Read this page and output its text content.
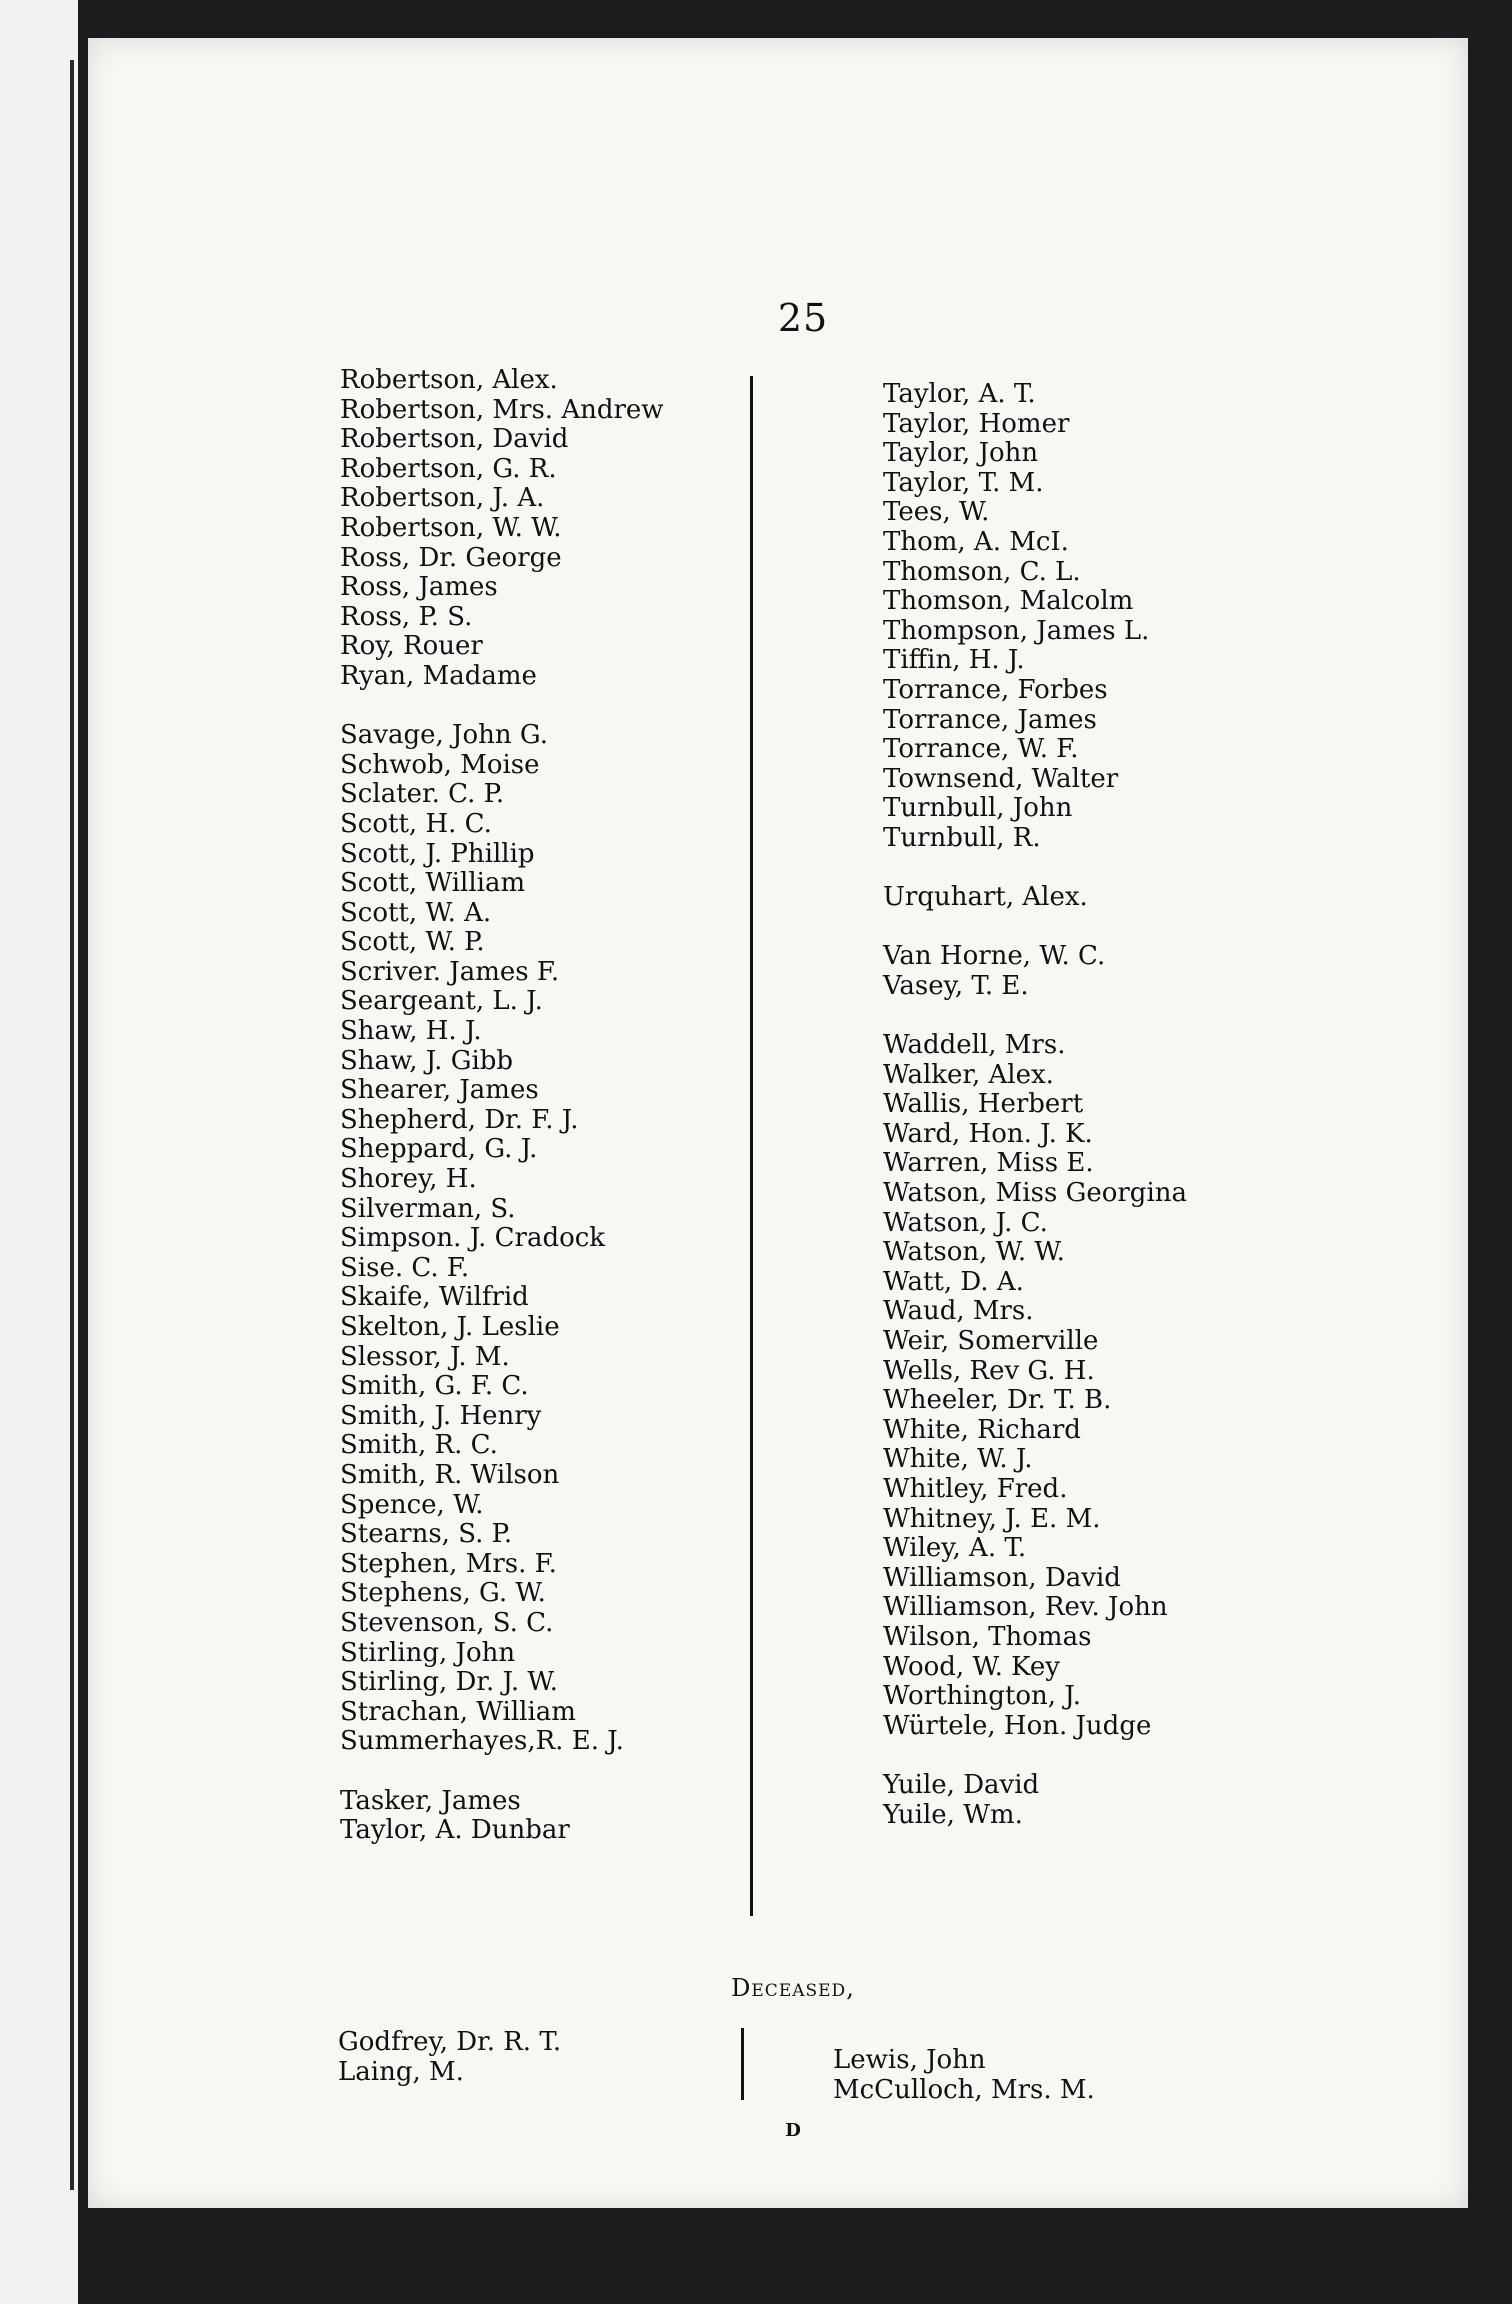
25
Robertson, Alex.
Robertson, Mrs. Andrew
Robertson, David
Robertson, G. R.
Robertson, J. A.
Robertson, W. W.
Ross, Dr. George
Ross, James
Ross, P. S.
Roy, Rouer
Ryan, Madame
Savage, John G.
Schwob, Moise
Sclater. C. P.
Scott, H. C.
Scott, J. Phillip
Scott, William
Scott, W. A.
Scott, W. P.
Scriver. James F.
Seargeant, L. J.
Shaw, H. J.
Shaw, J. Gibb
Shearer, James
Shepherd, Dr. F. J.
Sheppard, G. J.
Shorey, H.
Silverman, S.
Simpson. J. Cradock
Sise. C. F.
Skaife, Wilfrid
Skelton, J. Leslie
Slessor, J. M.
Smith, G. F. C.
Smith, J. Henry
Smith, R. C.
Smith, R. Wilson
Spence, W.
Stearns, S. P.
Stephen, Mrs. F.
Stephens, G. W.
Stevenson, S. C.
Stirling, John
Stirling, Dr. J. W.
Strachan, William
Summerhayes,R. E. J.
Tasker, James
Taylor, A. Dunbar
Taylor, A. T.
Taylor, Homer
Taylor, John
Taylor, T. M.
Tees, W.
Thom, A. McI.
Thomson, C. L.
Thomson, Malcolm
Thompson, James L.
Tiffin, H. J.
Torrance, Forbes
Torrance, James
Torrance, W. F.
Townsend, Walter
Turnbull, John
Turnbull, R.
Urquhart, Alex.
Van Horne, W. C.
Vasey, T. E.
Waddell, Mrs.
Walker, Alex.
Wallis, Herbert
Ward, Hon. J. K.
Warren, Miss E.
Watson, Miss Georgina
Watson, J. C.
Watson, W. W.
Watt, D. A.
Waud, Mrs.
Weir, Somerville
Wells, Rev G. H.
Wheeler, Dr. T. B.
White, Richard
White, W. J.
Whitley, Fred.
Whitney, J. E. M.
Wiley, A. T.
Williamson, David
Williamson, Rev. John
Wilson, Thomas
Wood, W. Key
Worthington, J.
Würtele, Hon. Judge
Yuile, David
Yuile, Wm.
Deceased,
Godfrey, Dr. R. T.
Laing, M.	Lewis, John
McCulloch, Mrs. M.
D
